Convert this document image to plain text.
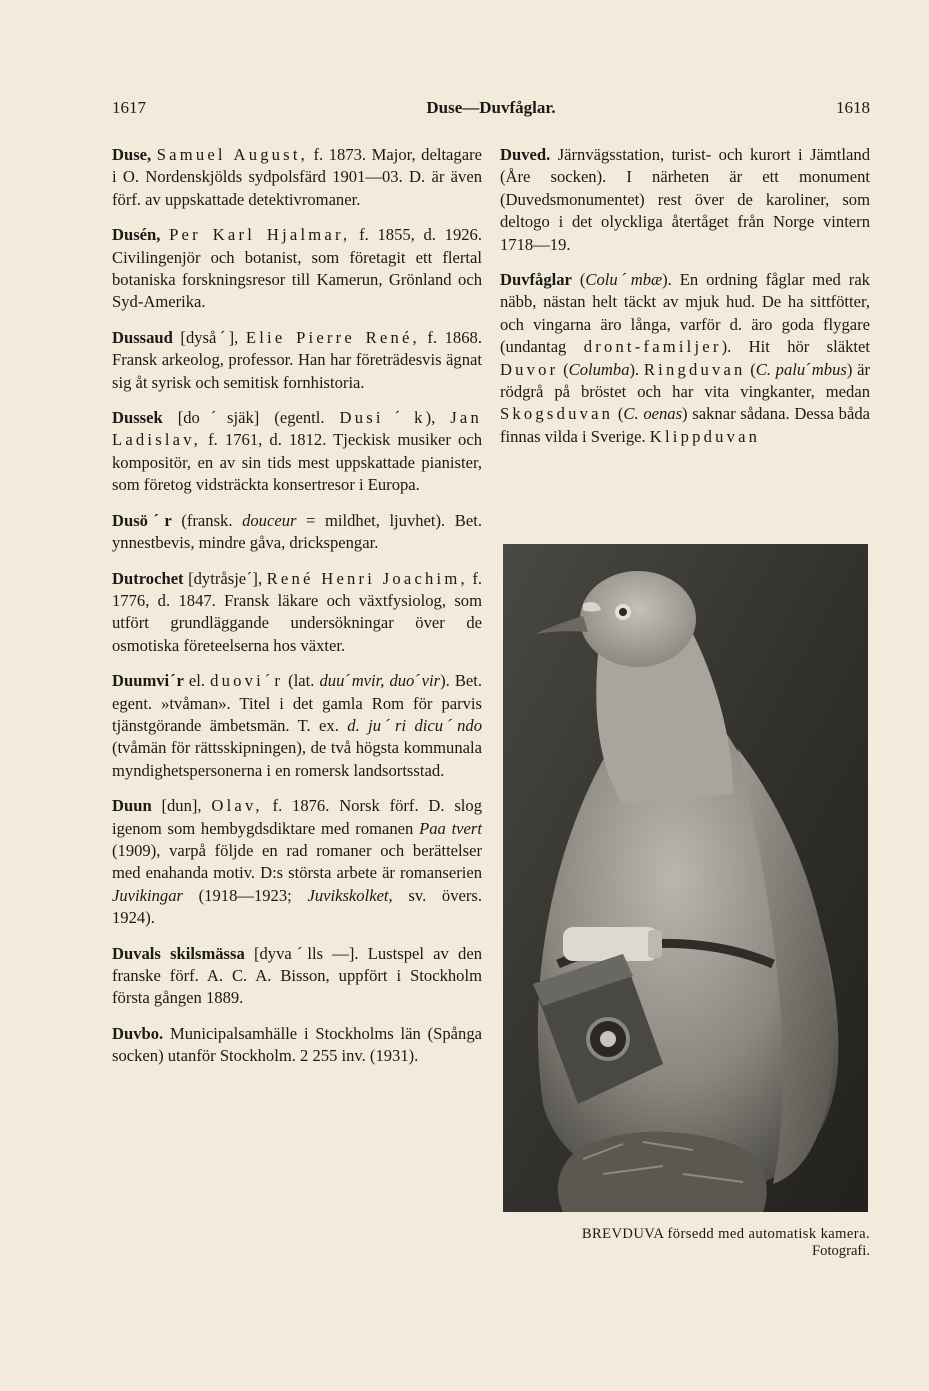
1617	Duse—Duvfåglar.	1618

Duse, Samuel August, f. 1873. Major, deltagare i O. Nordenskjölds sydpolsfärd 1901—03. D. är även förf. av uppskattade detektivromaner.

Dusén, Per Karl Hjalmar, f. 1855, d. 1926. Civilingenjör och botanist, som företagit ett flertal botaniska forskningsresor till Kamerun, Grönland och Syd-Amerika.

Dussaud [dysåˊ], Elie Pierre René, f. 1868. Fransk arkeolog, professor. Han har företrädesvis ägnat sig åt syrisk och semitisk fornhistoria.

Dussek [doˊsjäk] (egentl. Dusiˊk), Jan Ladislav, f. 1761, d. 1812. Tjeckisk musiker och kompositör, en av sin tids mest uppskattade pianister, som företog vidsträckta konsertresor i Europa.

Dusöˊr (fransk. douceur = mildhet, ljuvhet). Bet. ynnestbevis, mindre gåva, drickspengar.

Dutrochet [dytråsjeˊ], René Henri Joachim, f. 1776, d. 1847. Fransk läkare och växtfysiolog, som utfört grundläggande undersökningar över de osmotiska företeelserna hos växter.

Duumviˊr el. duoviˊr (lat. duuˊmvir, duoˊvir). Bet. egent. »tvåman». Titel i det gamla Rom för parvis tjänstgörande ämbetsmän. T. ex. d. juˊri dicuˊndo (tvåmän för rättsskipningen), de två högsta kommunala myndighetspersonerna i en romersk landsortsstad.

Duun [dun], Olav, f. 1876. Norsk förf. D. slog igenom som hembygdsdiktare med romanen Paa tvert (1909), varpå följde en rad romaner och berättelser med enahanda motiv. D:s största arbete är romanserien Juvikingar (1918—1923; Juvikskolket, sv. övers. 1924).

Duvals skilsmässa [dyvaˊlls —]. Lustspel av den franske förf. A. C. A. Bisson, uppfört i Stockholm första gången 1889.

Duvbo. Municipalsamhälle i Stockholms län (Spånga socken) utanför Stockholm. 2 255 inv. (1931).

Duved. Järnvägsstation, turist- och kurort i Jämtland (Åre socken). I närheten är ett monument (Duvedsmonumentet) rest över de karoliner, som deltogo i det olyckliga återtåget från Norge vintern 1718—19.

Duvfåglar (Coluˊmbæ). En ordning fåglar med rak näbb, nästan helt täckt av mjuk hud. De ha sittfötter, och vingarna äro långa, varför d. äro goda flygare (undantag dront-familjer). Hit hör släktet Duvor (Columba). Ringduvan (C. paluˊmbus) är rödgrå på bröstet och har vita vingkanter, medan Skogsduvan (C. oenas) saknar sådana. Dessa båda finnas vilda i Sverige. Klippduvan

BREVDUVA försedd med automatisk kamera.
Fotografi.
